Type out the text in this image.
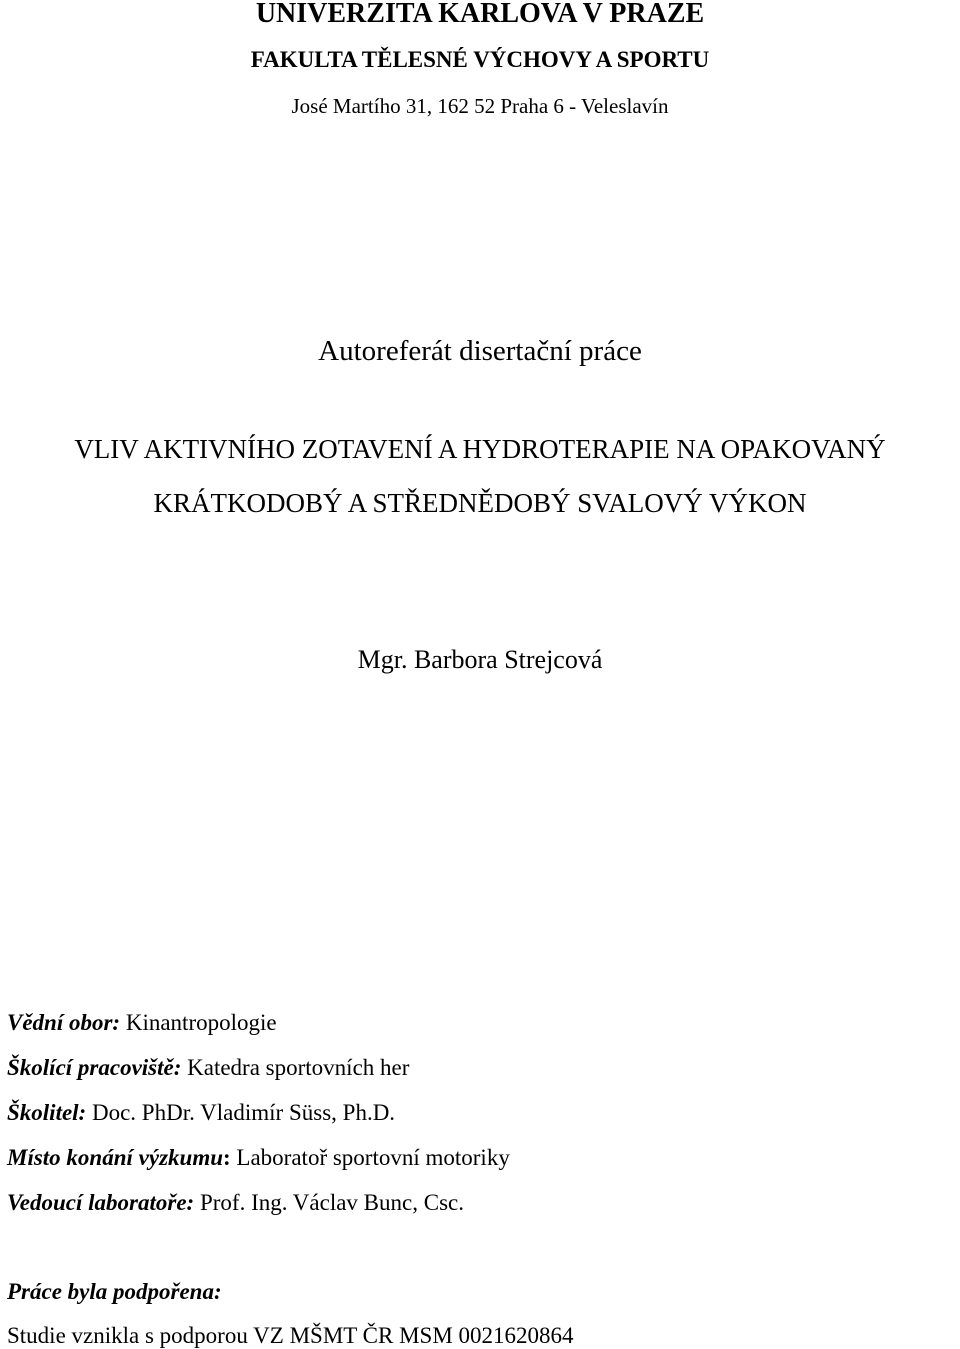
UNIVERZITA KARLOVA V PRAZE
FAKULTA TĚLESNÉ VÝCHOVY A SPORTU
José Martího 31, 162 52 Praha 6 - Veleslavín
Autoreferát disertační práce
VLIV AKTIVNÍHO ZOTAVENÍ A HYDROTERAPIE NA OPAKOVANÝ
KRÁTKODOBÝ A STŘEDNĚDOBÝ SVALOVÝ VÝKON
Mgr. Barbora Strejcová
Vědní obor: Kinantropologie
Školící pracoviště: Katedra sportovních her
Školitel: Doc. PhDr. Vladimír Süss, Ph.D.
Místo konání výzkumu: Laboratoř sportovní motoriky
Vedoucí laboratoře: Prof. Ing. Václav Bunc, Csc.
Práce byla podpořena:
Studie vznikla s podporou VZ MŠMT ČR MSM 0021620864
